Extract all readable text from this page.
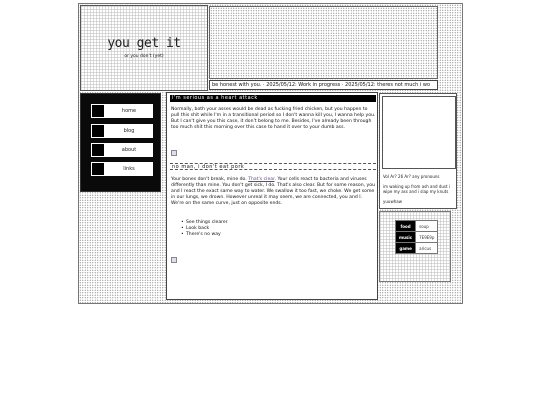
you get it
or you don't (yet)
be honest with you. · 2025/05/12: Work in progress · 2025/05/12: theres not much i wo
home
blog
about
links
i'm serious as a heart attack
Normally, both your asses would be dead as fucking fried chicken, but you happen to pull this shit while I'm in a transitional period so I don't wanna kill you, I wanna help you. But I can't give you this case, it don't belong to me. Besides, I've already been through too much shit this morning over this case to hand it over to your dumb ass.
no man, i don't eat pork
Your bones don't break, mine do. That's clear. Your cells react to bacteria and viruses differently than mine. You don't get sick, I do. That's also clear. But for some reason, you and I react the exact same way to water. We swallow it too fast, we choke. We get some in our lungs, we drown. However unreal it may seem, we are connected, you and I. We're on the same curve, just on opposite ends.
• See things clearer
• Look back
• There's no way
Vol Ar? 26 Ar? any pronouns
im waking up from ash and dust i wipe my ass and i slap my knuts
yuuwhaw
food	soup
music	7E9E9p
game	aricus
